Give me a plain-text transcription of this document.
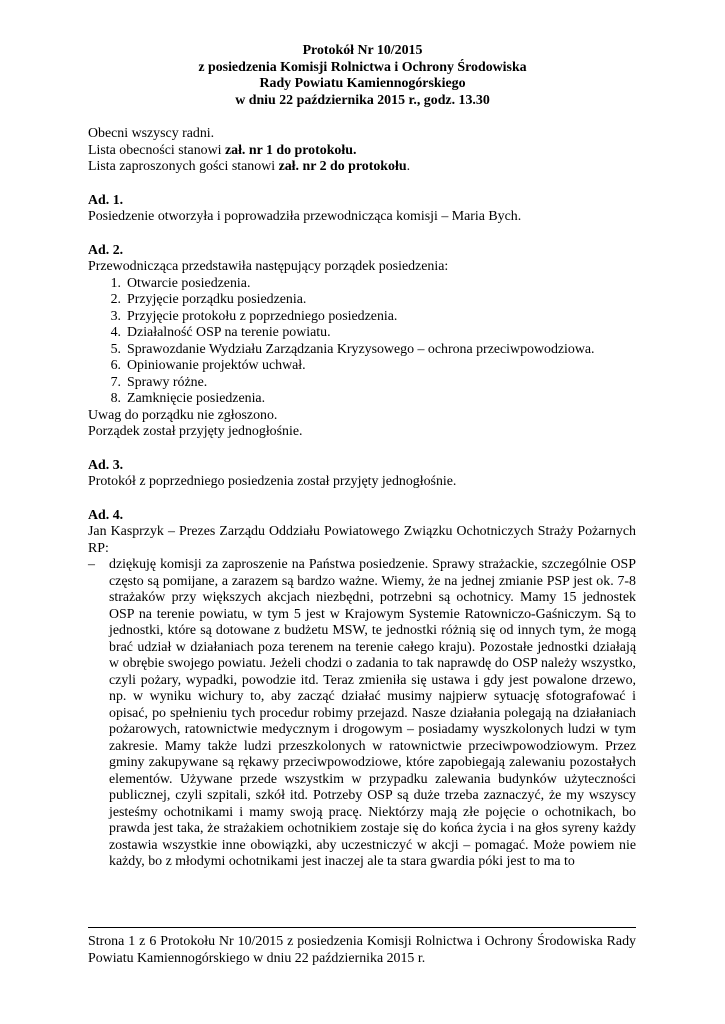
Protokół Nr 10/2015
z posiedzenia Komisji Rolnictwa i Ochrony Środowiska
Rady Powiatu Kamiennogórskiego
w dniu 22 października 2015 r., godz. 13.30
Obecni wszyscy radni.
Lista obecności stanowi zał. nr 1 do protokołu.
Lista zaproszonych gości stanowi zał. nr 2 do protokołu.
Ad. 1.
Posiedzenie otworzyła i poprowadziła przewodnicząca komisji – Maria Bych.
Ad. 2.
Przewodnicząca przedstawiła następujący porządek posiedzenia:
1. Otwarcie posiedzenia.
2. Przyjęcie porządku posiedzenia.
3. Przyjęcie protokołu z poprzedniego posiedzenia.
4. Działalność OSP na terenie powiatu.
5. Sprawozdanie Wydziału Zarządzania Kryzysowego – ochrona przeciwpowodziowa.
6. Opiniowanie projektów uchwał.
7. Sprawy różne.
8. Zamknięcie posiedzenia.
Uwag do porządku nie zgłoszono.
Porządek został przyjęty jednogłośnie.
Ad. 3.
Protokół z poprzedniego posiedzenia został przyjęty jednogłośnie.
Ad. 4.
Jan Kasprzyk – Prezes Zarządu Oddziału Powiatowego Związku Ochotniczych Straży Pożarnych RP:
– dziękuję komisji za zaproszenie na Państwa posiedzenie. Sprawy strażackie, szczególnie OSP często są pomijane, a zarazem są bardzo ważne. Wiemy, że na jednej zmianie PSP jest ok. 7-8 strażaków przy większych akcjach niezbędni, potrzebni są ochotnicy. Mamy 15 jednostek OSP na terenie powiatu, w tym 5 jest w Krajowym Systemie Ratowniczo-Gaśniczym. Są to jednostki, które są dotowane z budżetu MSW, te jednostki różnią się od innych tym, że mogą brać udział w działaniach poza terenem na terenie całego kraju). Pozostałe jednostki działają w obrębie swojego powiatu. Jeżeli chodzi o zadania to tak naprawdę do OSP należy wszystko, czyli pożary, wypadki, powodzie itd. Teraz zmieniła się ustawa i gdy jest powalone drzewo, np. w wyniku wichury to, aby zacząć działać musimy najpierw sytuację sfotografować i opisać, po spełnieniu tych procedur robimy przejazd. Nasze działania polegają na działaniach pożarowych, ratownictwie medycznym i drogowym – posiadamy wyszkolonych ludzi w tym zakresie. Mamy także ludzi przeszkolonych w ratownictwie przeciwpowodziowym. Przez gminy zakupywane są rękawy przeciwpowodziowe, które zapobiegają zalewaniu pozostałych elementów. Używane przede wszystkim w przypadku zalewania budynków użyteczności publicznej, czyli szpitali, szkół itd. Potrzeby OSP są duże trzeba zaznaczyć, że my wszyscy jesteśmy ochotnikami i mamy swoją pracę. Niektórzy mają złe pojęcie o ochotnikach, bo prawda jest taka, że strażakiem ochotnikiem zostaje się do końca życia i na głos syreny każdy zostawia wszystkie inne obowiązki, aby uczestniczyć w akcji – pomagać. Może powiem nie każdy, bo z młodymi ochotnikami jest inaczej ale ta stara gwardia póki jest to ma to
Strona 1 z 6 Protokołu Nr 10/2015 z posiedzenia Komisji Rolnictwa i Ochrony Środowiska Rady Powiatu Kamiennogórskiego w dniu 22 października 2015 r.
